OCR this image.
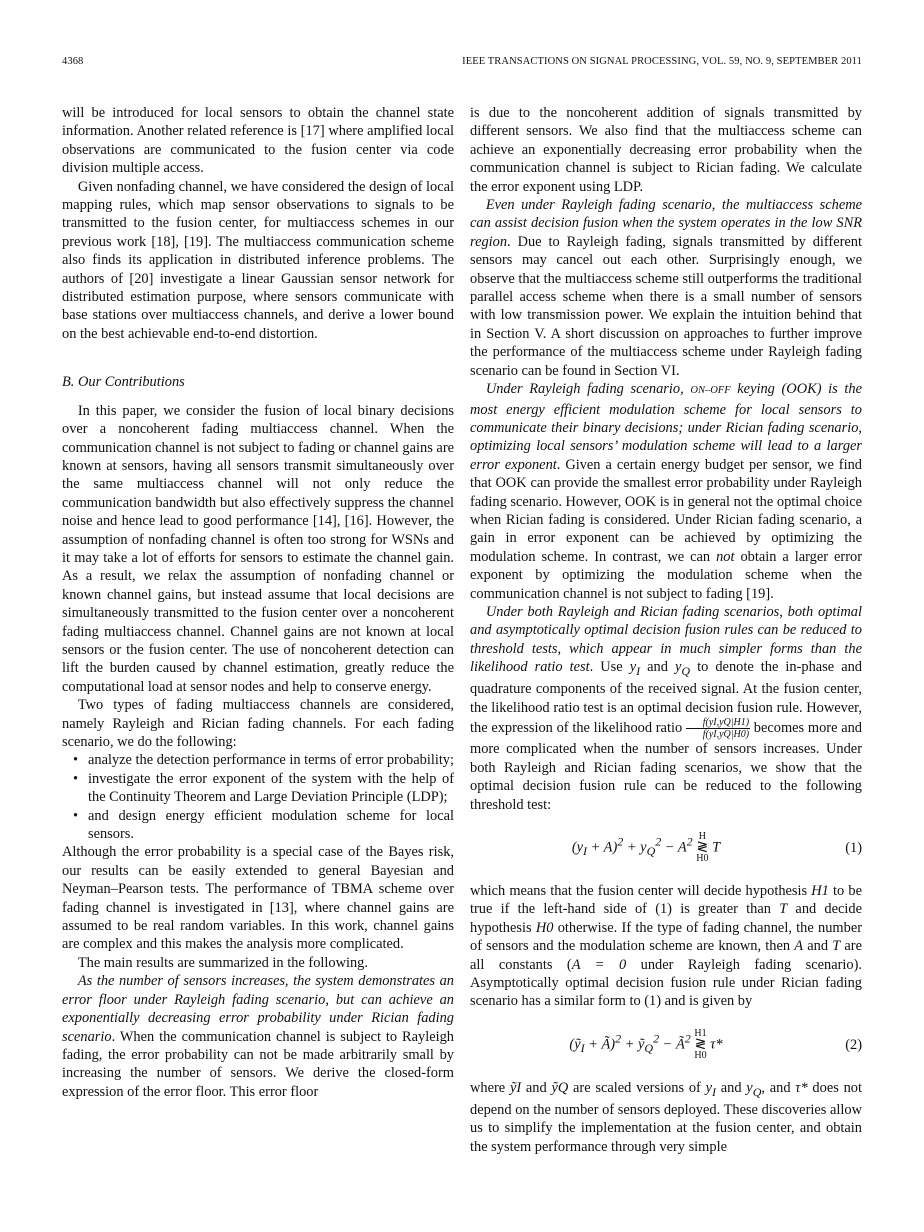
4368	IEEE TRANSACTIONS ON SIGNAL PROCESSING, VOL. 59, NO. 9, SEPTEMBER 2011

will be introduced for local sensors to obtain the channel state information. Another related reference is [17] where amplified local observations are communicated to the fusion center via code division multiple access.

Given nonfading channel, we have considered the design of local mapping rules, which map sensor observations to signals to be transmitted to the fusion center, for multiaccess schemes in our previous work [18], [19]. The multiaccess communication scheme also finds its application in distributed inference problems. The authors of [20] investigate a linear Gaussian sensor network for distributed estimation purpose, where sensors communicate with base stations over multiaccess channels, and derive a lower bound on the best achievable end-to-end distortion.

B. Our Contributions

In this paper, we consider the fusion of local binary decisions over a noncoherent fading multiaccess channel. When the communication channel is not subject to fading or channel gains are known at sensors, having all sensors transmit simultaneously over the same multiaccess channel will not only reduce the communication bandwidth but also effectively suppress the channel noise and hence lead to good performance [14], [16]. However, the assumption of nonfading channel is often too strong for WSNs and it may take a lot of efforts for sensors to estimate the channel gain. As a result, we relax the assumption of nonfading channel or known channel gains, but instead assume that local decisions are simultaneously transmitted to the fusion center over a noncoherent fading multiaccess channel. Channel gains are not known at local sensors or the fusion center. The use of noncoherent detection can lift the burden caused by channel estimation, greatly reduce the computational load at sensor nodes and help to conserve energy.

Two types of fading multiaccess channels are considered, namely Rayleigh and Rician fading channels. For each fading scenario, we do the following:

• analyze the detection performance in terms of error probability;
• investigate the error exponent of the system with the help of the Continuity Theorem and Large Deviation Principle (LDP);
• and design energy efficient modulation scheme for local sensors.

Although the error probability is a special case of the Bayes risk, our results can be easily extended to general Bayesian and Neyman–Pearson tests. The performance of TBMA scheme over fading channel is investigated in [13], where channel gains are assumed to be real random variables. In this work, channel gains are complex and this makes the analysis more complicated.

The main results are summarized in the following.

As the number of sensors increases, the system demonstrates an error floor under Rayleigh fading scenario, but can achieve an exponentially decreasing error probability under Rician fading scenario. When the communication channel is subject to Rayleigh fading, the error probability can not be made arbitrarily small by increasing the number of sensors. We derive the closed-form expression of the error floor. This error floor

is due to the noncoherent addition of signals transmitted by different sensors. We also find that the multiaccess scheme can achieve an exponentially decreasing error probability when the communication channel is subject to Rician fading. We calculate the error exponent using LDP.

Even under Rayleigh fading scenario, the multiaccess scheme can assist decision fusion when the system operates in the low SNR region. Due to Rayleigh fading, signals transmitted by different sensors may cancel out each other. Surprisingly enough, we observe that the multiaccess scheme still outperforms the traditional parallel access scheme when there is a small number of sensors with low transmission power. We explain the intuition behind that in Section V. A short discussion on approaches to further improve the performance of the multiaccess scheme under Rayleigh fading scenario can be found in Section VI.

Under Rayleigh fading scenario, ON–OFF keying (OOK) is the most energy efficient modulation scheme for local sensors to communicate their binary decisions; under Rician fading scenario, optimizing local sensors’ modulation scheme will lead to a larger error exponent. Given a certain energy budget per sensor, we find that OOK can provide the smallest error probability under Rayleigh fading scenario. However, OOK is in general not the optimal choice when Rician fading is considered. Under Rician fading scenario, a gain in error exponent can be achieved by optimizing the modulation scheme. In contrast, we can not obtain a larger error exponent by optimizing the modulation scheme when the communication channel is not subject to fading [19].

Under both Rayleigh and Rician fading scenarios, both optimal and asymptotically optimal decision fusion rules can be reduced to threshold tests, which appear in much simpler forms than the likelihood ratio test. Use $y_I$ and $y_Q$ to denote the in-phase and quadrature components of the received signal. At the fusion center, the likelihood ratio test is an optimal decision fusion rule. However, the expression of the likelihood ratio $\frac{f(yI,yQ|H1)}{f(yI,yQ|H0)}$ becomes more and more complicated when the number of sensors increases. Under both Rayleigh and Rician fading scenarios, we show that the optimal decision fusion rule can be reduced to the following threshold test:

$(y_I + A)^2 + y_Q^2 - A^2$ H
≷
H0
T	(1)

which means that the fusion center will decide hypothesis H1 to be true if the left-hand side of (1) is greater than T and decide hypothesis H0 otherwise. If the type of fading channel, the number of sensors and the modulation scheme are known, then A and T are all constants (A = 0 under Rayleigh fading scenario). Asymptotically optimal decision fusion rule under Rician fading scenario has a similar form to (1) and is given by

(ỹ$_I$ + Ã)$^2$ + ỹ$_Q^2$ − $Ã^2$ H1
≷
H0
τ*	(2)

where ỹI and ỹQ are scaled versions of $y_I$ and $y_Q$, and τ* does not depend on the number of sensors deployed. These discoveries allow us to simplify the implementation at the fusion center, and obtain the system performance through very simple
